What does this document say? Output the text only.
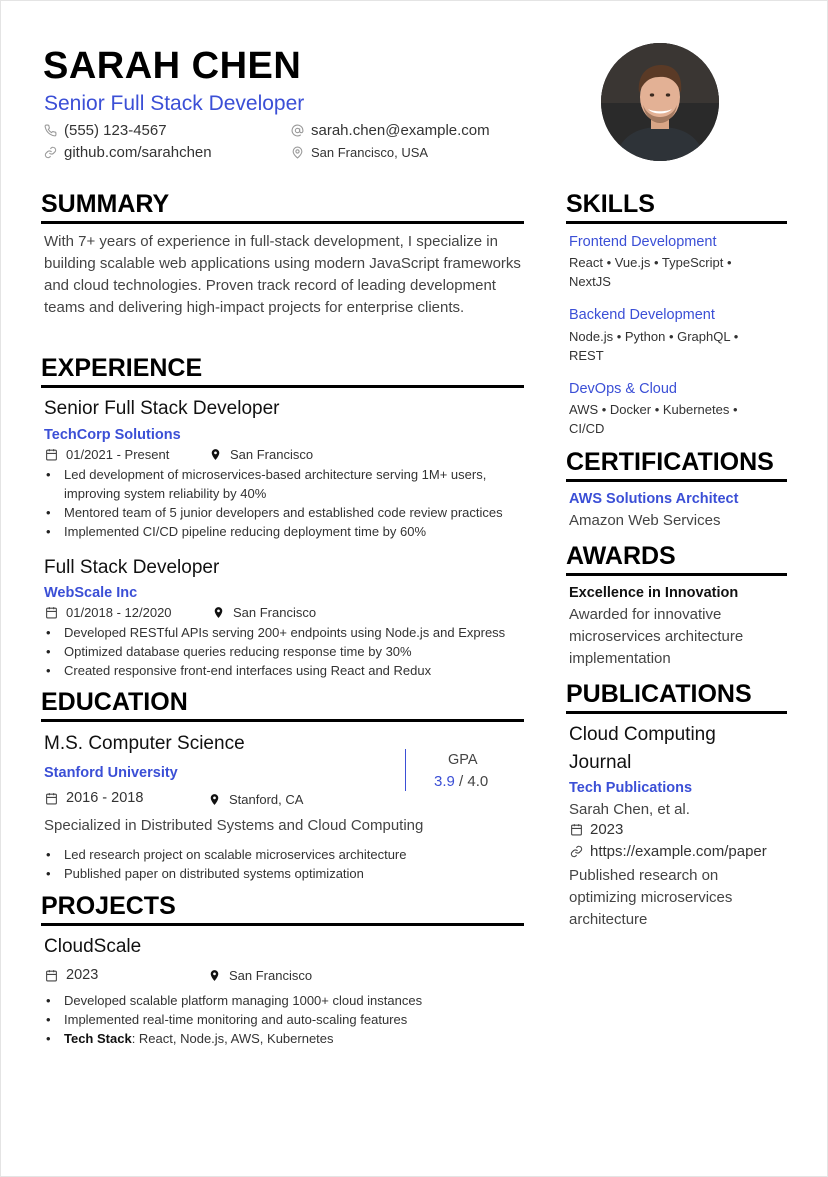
SARAH CHEN
Senior Full Stack Developer
(555) 123-4567	sarah.chen@example.com
github.com/sarahchen	San Francisco, USA
SUMMARY
With 7+ years of experience in full-stack development, I specialize in building scalable web applications using modern JavaScript frameworks and cloud technologies. Proven track record of leading development teams and delivering high-impact projects for enterprise clients.
EXPERIENCE
Senior Full Stack Developer
TechCorp Solutions
01/2021 - Present	San Francisco
• Led development of microservices-based architecture serving 1M+ users,
improving system reliability by 40%
• Mentored team of 5 junior developers and established code review practices
• Implemented CI/CD pipeline reducing deployment time by 60%
Full Stack Developer
WebScale Inc
01/2018 - 12/2020	San Francisco
• Developed RESTful APIs serving 200+ endpoints using Node.js and Express
• Optimized database queries reducing response time by 30%
• Created responsive front-end interfaces using React and Redux
EDUCATION
M.S. Computer Science
Stanford University
2016 - 2018	Stanford, CA
GPA
3.9 / 4.0
Specialized in Distributed Systems and Cloud Computing
• Led research project on scalable microservices architecture
• Published paper on distributed systems optimization
PROJECTS
CloudScale
2023	San Francisco
• Developed scalable platform managing 1000+ cloud instances
• Implemented real-time monitoring and auto-scaling features
• Tech Stack: React, Node.js, AWS, Kubernetes
SKILLS
Frontend Development
React • Vue.js • TypeScript •
NextJS
Backend Development
Node.js • Python • GraphQL •
REST
DevOps & Cloud
AWS • Docker • Kubernetes •
CI/CD
CERTIFICATIONS
AWS Solutions Architect
Amazon Web Services
AWARDS
Excellence in Innovation
Awarded for innovative
microservices architecture
implementation
PUBLICATIONS
Cloud Computing
Journal
Tech Publications
Sarah Chen, et al.
2023
https://example.com/paper
Published research on
optimizing microservices
architecture
